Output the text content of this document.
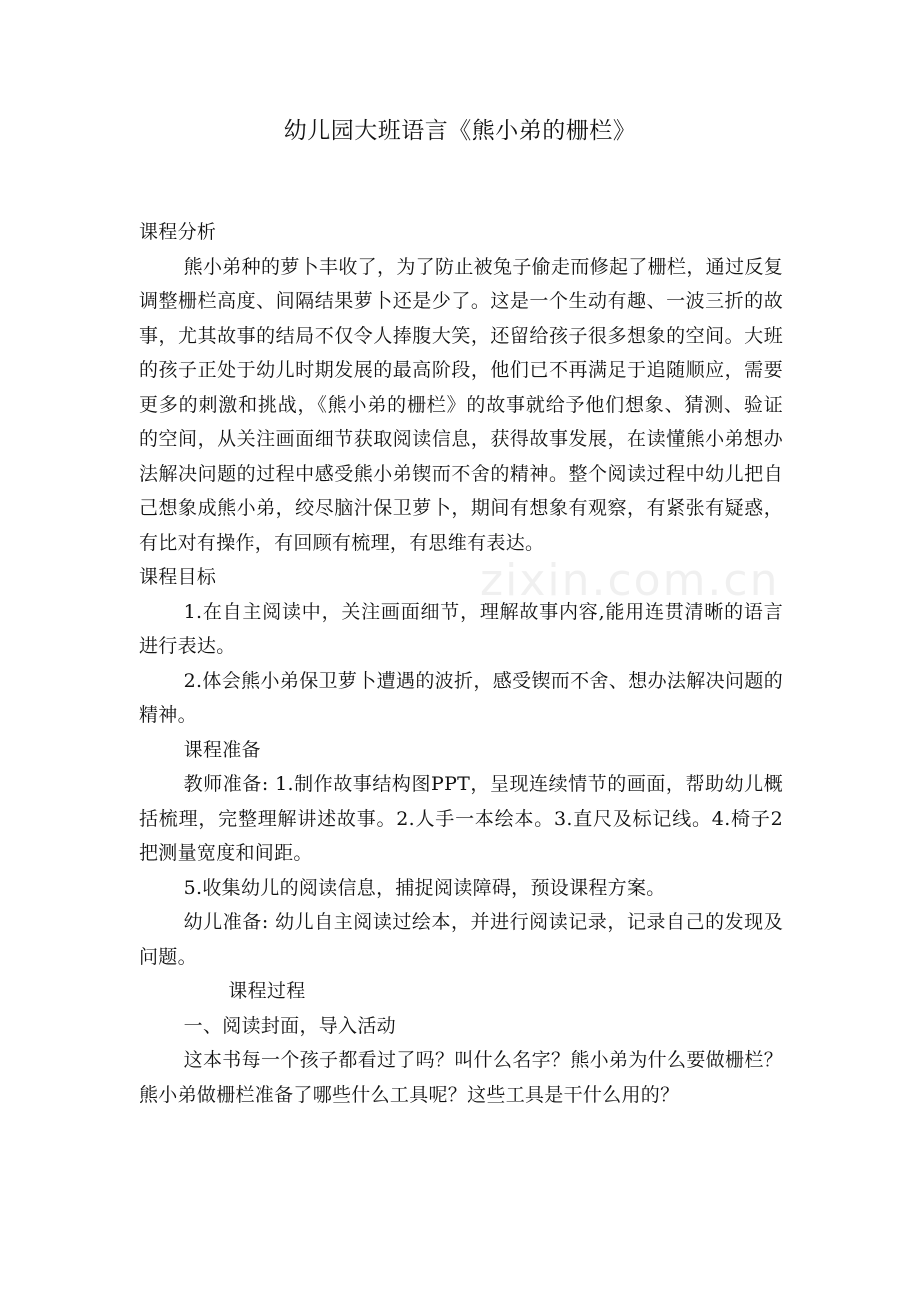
幼儿园大班语言《熊小弟的栅栏》
zixin.com.cn

课程分析

熊小弟种的萝卜丰收了，为了防止被兔子偷走而修起了栅栏，通过反复调整栅栏高度、间隔结果萝卜还是少了。这是一个生动有趣、一波三折的故事，尤其故事的结局不仅令人捧腹大笑，还留给孩子很多想象的空间。大班的孩子正处于幼儿时期发展的最高阶段，他们已不再满足于追随顺应，需要更多的刺激和挑战，《熊小弟的栅栏》的故事就给予他们想象、猜测、验证的空间，从关注画面细节获取阅读信息，获得故事发展，在读懂熊小弟想办法解决问题的过程中感受熊小弟锲而不舍的精神。整个阅读过程中幼儿把自己想象成熊小弟，绞尽脑汁保卫萝卜，期间有想象有观察，有紧张有疑惑，有比对有操作，有回顾有梳理，有思维有表达。

课程目标

1.在自主阅读中，关注画面细节，理解故事内容,能用连贯清晰的语言进行表达。

2.体会熊小弟保卫萝卜遭遇的波折，感受锲而不舍、想办法解决问题的精神。

课程准备

教师准备: 1.制作故事结构图PPT，呈现连续情节的画面，帮助幼儿概括梳理，完整理解讲述故事。2.人手一本绘本。3.直尺及标记线。4.椅子2把测量宽度和间距。

5.收集幼儿的阅读信息，捕捉阅读障碍，预设课程方案。

幼儿准备: 幼儿自主阅读过绘本，并进行阅读记录，记录自己的发现及问题。

课程过程

一、阅读封面，导入活动

这本书每一个孩子都看过了吗？叫什么名字？熊小弟为什么要做栅栏？熊小弟做栅栏准备了哪些什么工具呢？这些工具是干什么用的？
